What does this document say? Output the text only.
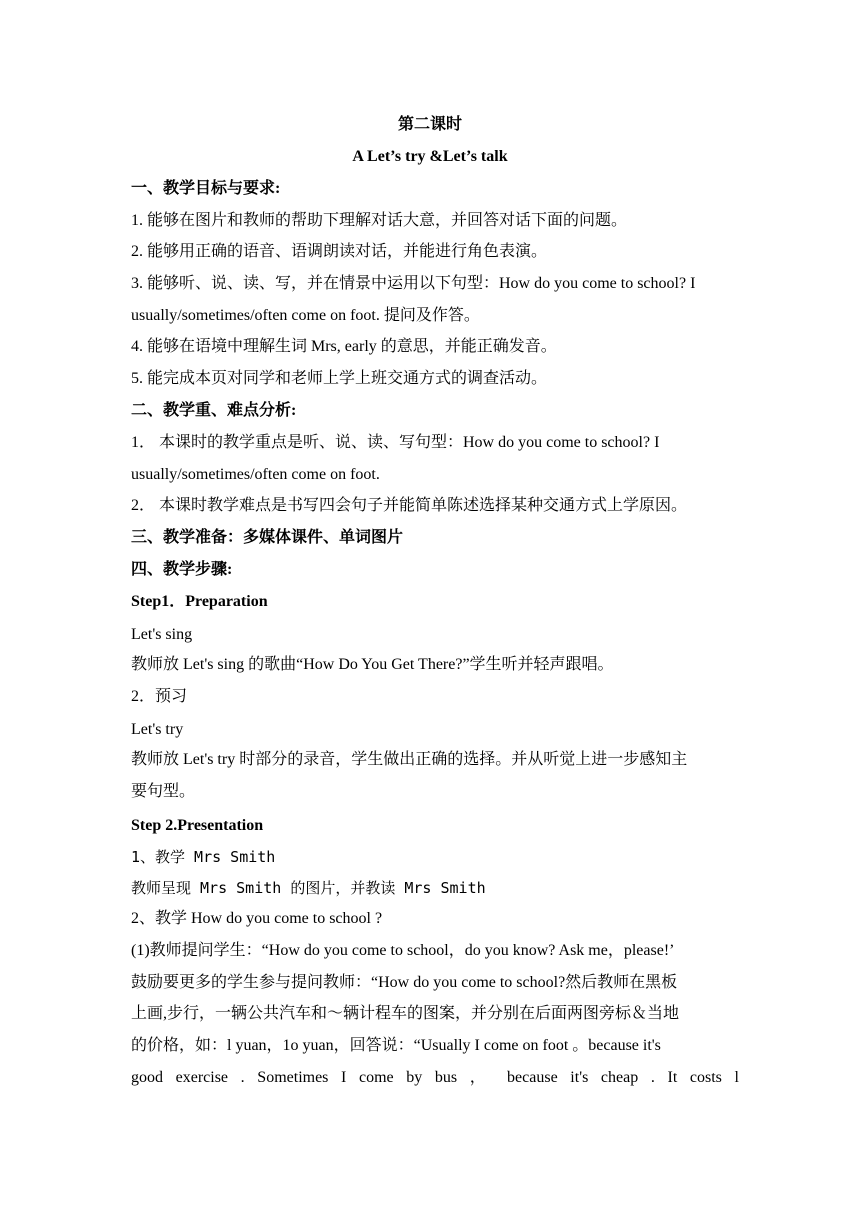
第二课时
A Let’s try &Let’s talk
一、教学目标与要求:
1. 能够在图片和教师的帮助下理解对话大意，并回答对话下面的问题。
2. 能够用正确的语音、语调朗读对话，并能进行角色表演。
3. 能够听、说、读、写，并在情景中运用以下句型：How do you come to school? I
usually/sometimes/often come on foot. 提问及作答。
4. 能够在语境中理解生词 Mrs, early 的意思，并能正确发音。
5. 能完成本页对同学和老师上学上班交通方式的调查活动。
二、教学重、难点分析:
1． 本课时的教学重点是听、说、读、写句型：How do you come to school? I
usually/sometimes/often come on foot.
2． 本课时教学难点是书写四会句子并能简单陈述选择某种交通方式上学原因。
三、教学准备：多媒体课件、单词图片
四、教学步骤:
Step1．Preparation
Let's sing
教师放 Let's sing 的歌曲“How Do You Get There?”学生听并轻声跟唱。
2．预习
Let's try
教师放 Let's try 时部分的录音，学生做出正确的选择。并从听觉上进一步感知主
要句型。
Step 2.Presentation
1、教学 Mrs Smith
教师呈现 Mrs Smith 的图片，并教读 Mrs Smith
2、教学 How do you come to school ?
(1)教师提问学生：“How do you come to school，do you know? Ask me，please!’
鼓励要更多的学生参与提问教师：“How do you come to school?然后教师在黑板
上画,步行，一辆公共汽车和～辆计程车的图案，并分别在后面两图旁标＆当地
的价格，如：l yuan，1o yuan，回答说：“Usually I come on foot 。because it's
good exercise . Sometimes I come by bus ， because it's cheap . It costs l
